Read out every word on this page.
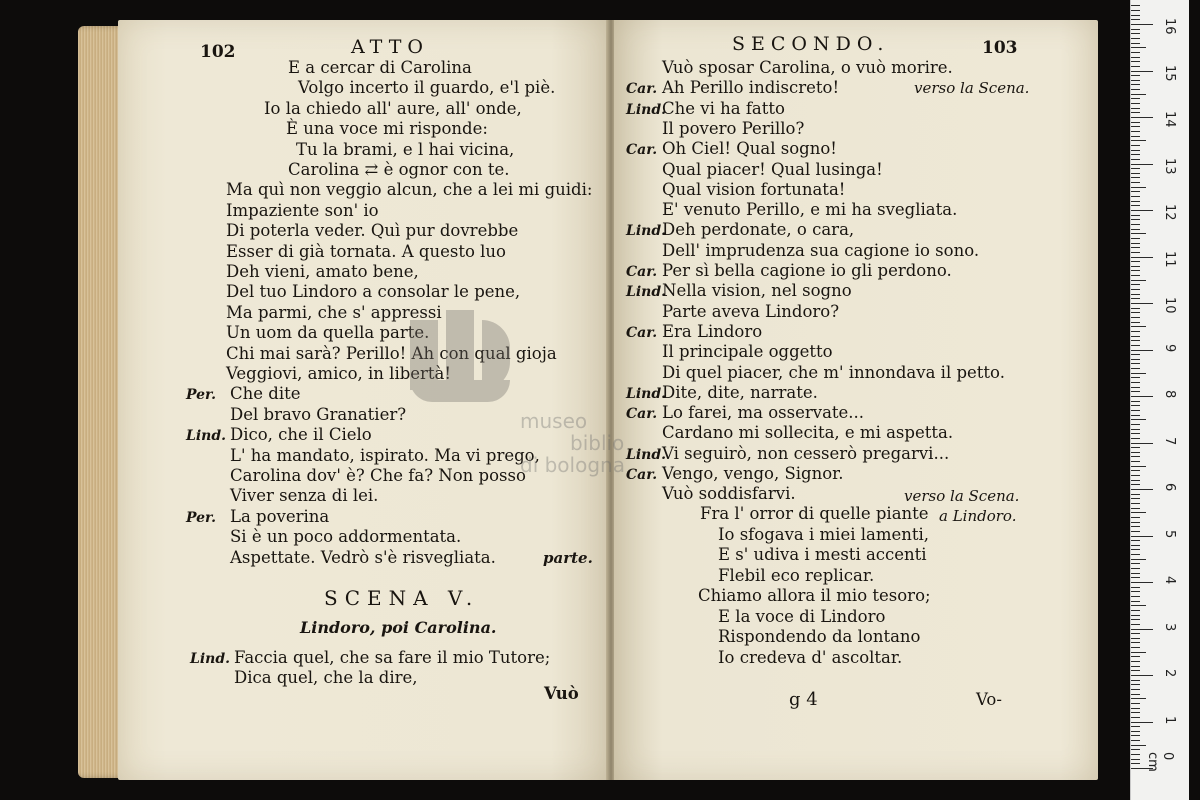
102	ATTO
E a cercar di Carolina
Volgo incerto il guardo, e'l piè.
Io la chiedo all' aure, all' onde,
È una voce mi risponde:
Tu la brami, e l hai vicina,
Carolina ⇄ è ognor con te.
Ma quì non veggio alcun, che a lei mi guidi:
Impaziente son' io
Di poterla veder. Quì pur dovrebbe
Esser di già tornata. A questo luo
Deh vieni, amato bene,
Del tuo Lindoro a consolar le pene,
Ma parmi, che s' appressi
Un uom da quella parte.
Chi mai sarà? Perillo! Ah con qual gioja
Veggiovi, amico, in libertà!
Per. Che dite
Del bravo Granatier?
Lind. Dico, che il Cielo
L' ha mandato, ispirato. Ma vi prego,
Carolina dov' è? Che fa? Non posso
Viver senza di lei.
Per. La poverina
Si è un poco addormentata.
Aspettate. Vedrò s'è risvegliata.	parte.
SCENA V.
Lindoro, poi Carolina.
Lind. Faccia quel, che sa fare il mio Tutore;
Dica quel, che la dire,
Vuò
SECONDO.	103
Vuò sposar Carolina, o vuò morire.
Car. Ah Perillo indiscreto!
Lind.
Che vi ha fatto
Il povero Perillo?
Car. Oh Ciel! Qual sogno!
Qual piacer! Qual lusinga!
Qual vision fortunata!
E' venuto Perillo, e mi ha svegliata.
Lind.
Deh perdonate, o cara,
Dell' imprudenza sua cagione io sono.
Car. Per sì bella cagione io gli perdono.
Lind.
Nella vision, nel sogno
Parte aveva Lindoro?
Car. Era Lindoro
Il principale oggetto
Di quel piacer, che m' innondava il petto.
Lind.
Dite, dite, narrate.
Car. Lo farei, ma osservate...
Cardano mi sollecita, e mi aspetta.
Lind.
Vi seguirò, non cesserò pregarvi...
Car. Vengo, vengo, Signor.
Vuò soddisfarvi.
verso la Scena.
verso la Scena.
a Lindoro.
Fra l' orror di quelle piante
Io sfogava i miei lamenti,
E s' udiva i mesti accenti
Flebil eco replicar.
Chiamo allora il mio tesoro;
E la voce di Lindoro
Rispondendo da lontano
Io credeva d' ascoltar.
g 4	Vo-
museo
biblio
di bologna
1
2
3
4
5
6
7
8
9
10
11
12
13
14
15
16
0 cm
